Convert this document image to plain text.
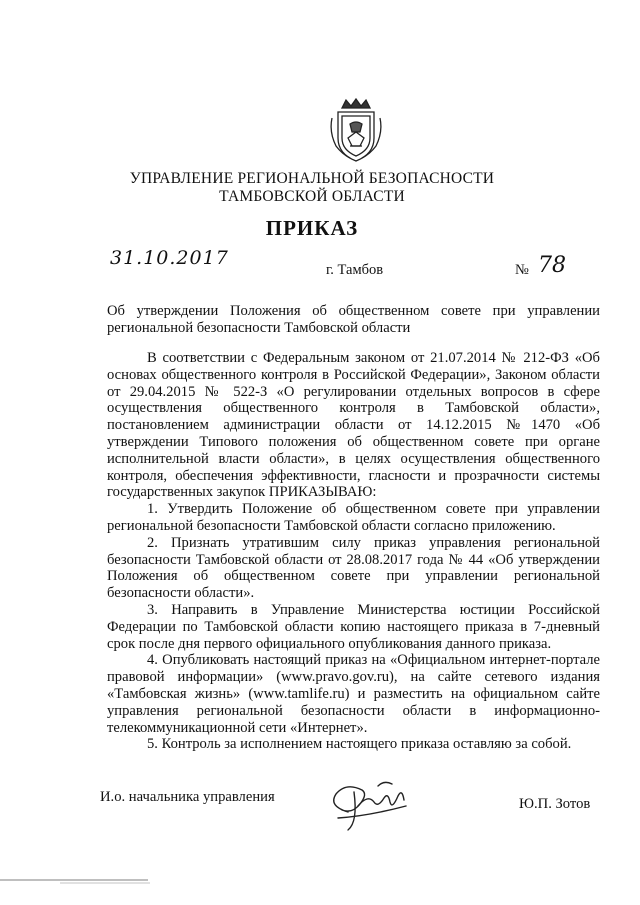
УПРАВЛЕНИЕ РЕГИОНАЛЬНОЙ БЕЗОПАСНОСТИ
ТАМБОВСКОЙ ОБЛАСТИ
ПРИКАЗ
31.10.2017
г. Тамбов	№ 78
Об утверждении Положения об общественном совете при управлении региональной безопасности Тамбовской области

В соответствии с Федеральным законом от 21.07.2014 № 212-ФЗ «Об основах общественного контроля в Российской Федерации», Законом области от 29.04.2015 № 522-З «О регулировании отдельных вопросов в сфере осуществления общественного контроля в Тамбовской области», постановлением администрации области от 14.12.2015 №1470 «Об утверждении Типового положения об общественном совете при органе исполнительной власти области», в целях осуществления общественного контроля, обеспечения эффективности, гласности и прозрачности системы государственных закупок ПРИКАЗЫВАЮ:

1. Утвердить Положение об общественном совете при управлении региональной безопасности Тамбовской области согласно приложению.

2. Признать утратившим силу приказ управления региональной безопасности Тамбовской области от 28.08.2017 года № 44 «Об утверждении Положения об общественном совете при управлении региональной безопасности области».

3. Направить в Управление Министерства юстиции Российской Федерации по Тамбовской области копию настоящего приказа в 7-дневный срок после дня первого официального опубликования данного приказа.

4. Опубликовать настоящий приказ на «Официальном интернет-портале правовой информации» (www.pravo.gov.ru), на сайте сетевого издания «Тамбовская жизнь» (www.tamlife.ru) и разместить на официальном сайте управления региональной безопасности области в информационно-телекоммуникационной сети «Интернет».

5. Контроль за исполнением настоящего приказа оставляю за собой.

И.о. начальника управления	Ю.П. Зотов
